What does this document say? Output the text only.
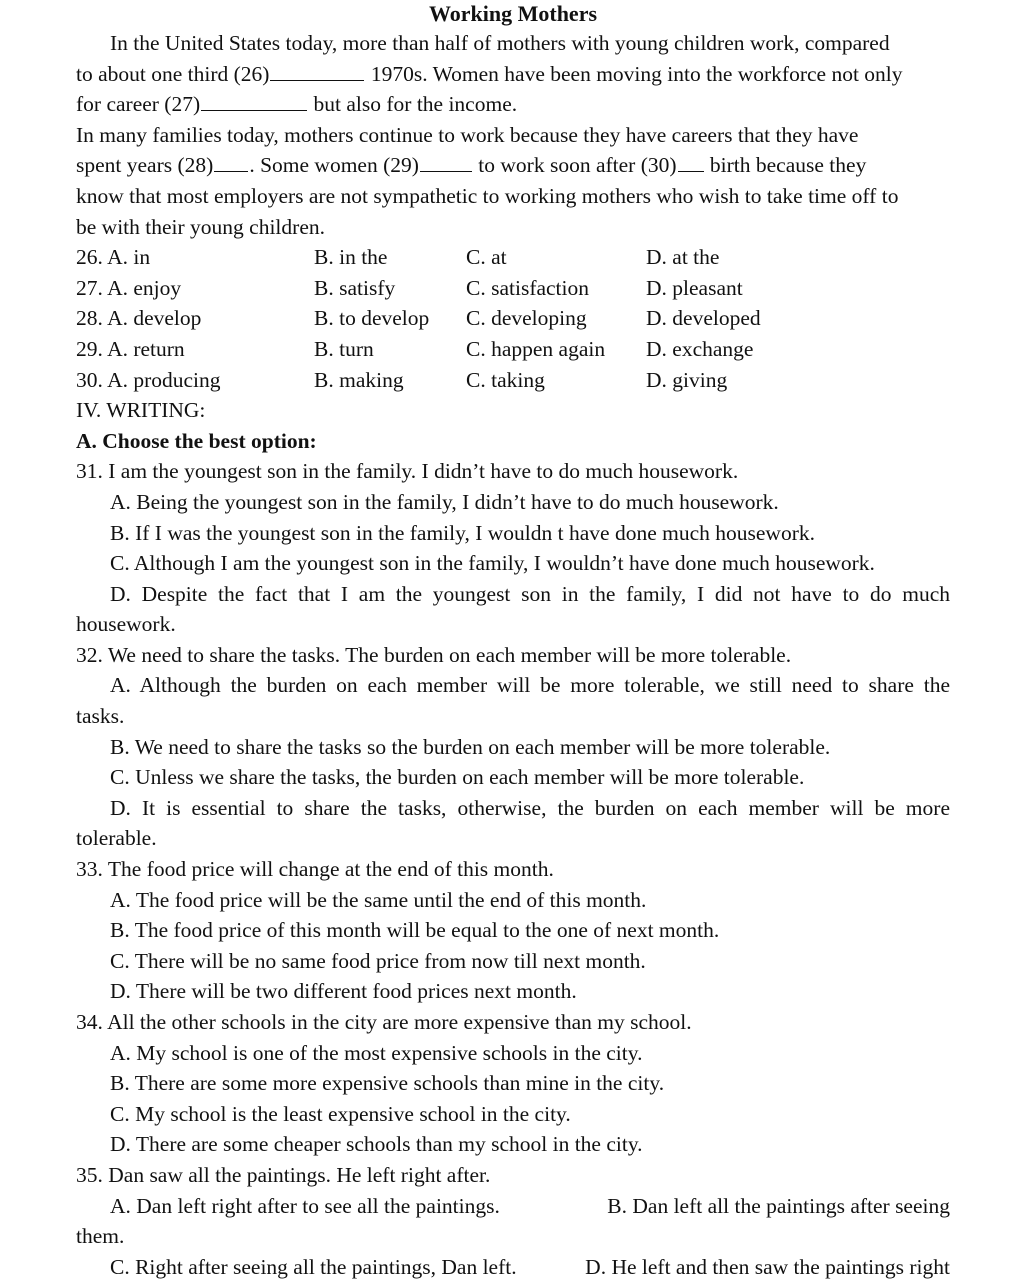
Working Mothers
In the United States today, more than half of mothers with young children work, compared
to about one third (26)	1970s. Women have been moving into the workforce not only
for career (27)	but also for the income.
In many families today, mothers continue to work because they have careers that they have
spent years (28) . Some women (29)	to work soon after (30) birth because they
know that most employers are not sympathetic to working mothers who wish to take time off to
be with their young children.
26. A. in	B. in the	C. at	D. at the
27. A. enjoy	B. satisfy	C. satisfaction	D. pleasant
28. A. develop	B. to develop	C. developing	D. developed
29. A. return	B. turn	C. happen again	D. exchange
30. A. producing	B. making	C. taking	D. giving
IV. WRITING:
A. Choose the best option:
31. I am the youngest son in the family. I didn’t have to do much housework.
A. Being the youngest son in the family, I didn’t have to do much housework.
B. If I was the youngest son in the family, I wouldn t have done much housework.
C. Although I am the youngest son in the family, I wouldn’t have done much housework.
D. Despite the fact that I am the youngest son in the family, I did not have to do much
housework.
32. We need to share the tasks. The burden on each member will be more tolerable.
A. Although the burden on each member will be more tolerable, we still need to share the
tasks.
B. We need to share the tasks so the burden on each member will be more tolerable.
C. Unless we share the tasks, the burden on each member will be more tolerable.
D. It is essential to share the tasks, otherwise, the burden on each member will be more
tolerable.
33. The food price will change at the end of this month.
A. The food price will be the same until the end of this month.
B. The food price of this month will be equal to the one of next month.
C. There will be no same food price from now till next month.
D. There will be two different food prices next month.
34. All the other schools in the city are more expensive than my school.
A. My school is one of the most expensive schools in the city.
B. There are some more expensive schools than mine in the city.
C. My school is the least expensive school in the city.
D. There are some cheaper schools than my school in the city.
35. Dan saw all the paintings. He left right after.
A. Dan left right after to see all the paintings.	B. Dan left all the paintings after seeing
them.
C. Right after seeing all the paintings, Dan left.	D. He left and then saw the paintings right
